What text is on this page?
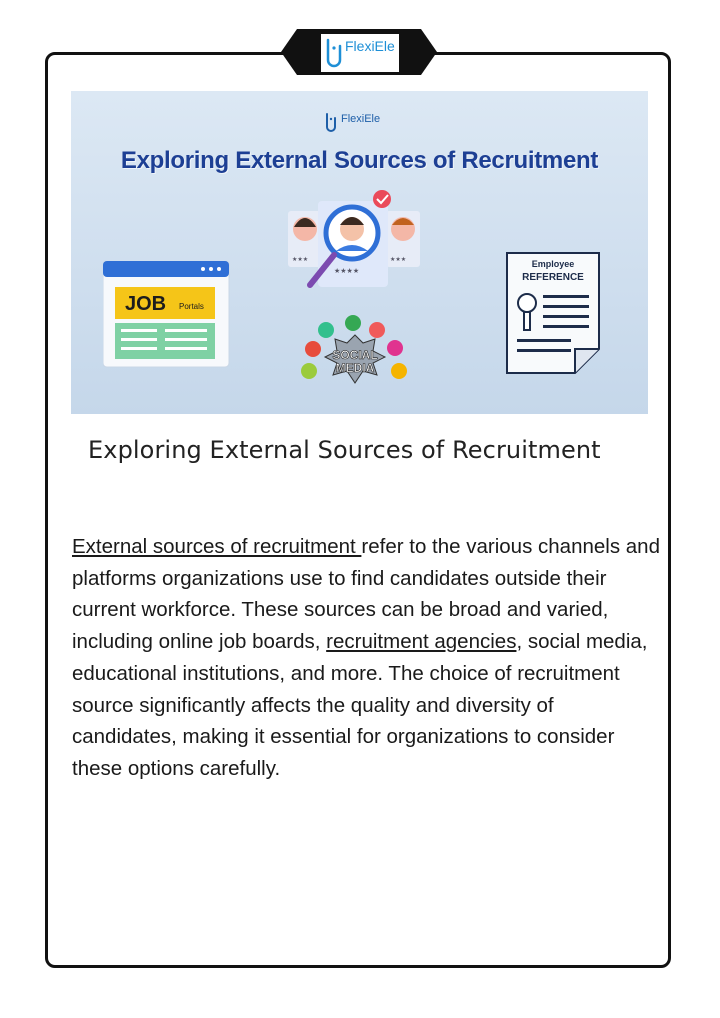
FlexiEle
FlexiEle
Exploring External Sources of Recruitment
JOB Portals
★★★	★★★
★★★★
SOCIAL
MEDIA
Employee
REFERENCE
Exploring External Sources of Recruitment
External sources of recruitment refer to the various channels and platforms organizations use to find candidates outside their current workforce. These sources can be broad and varied, including online job boards, recruitment agencies, social media, educational institutions, and more. The choice of recruitment source significantly affects the quality and diversity of candidates, making it essential for organizations to consider these options carefully.
